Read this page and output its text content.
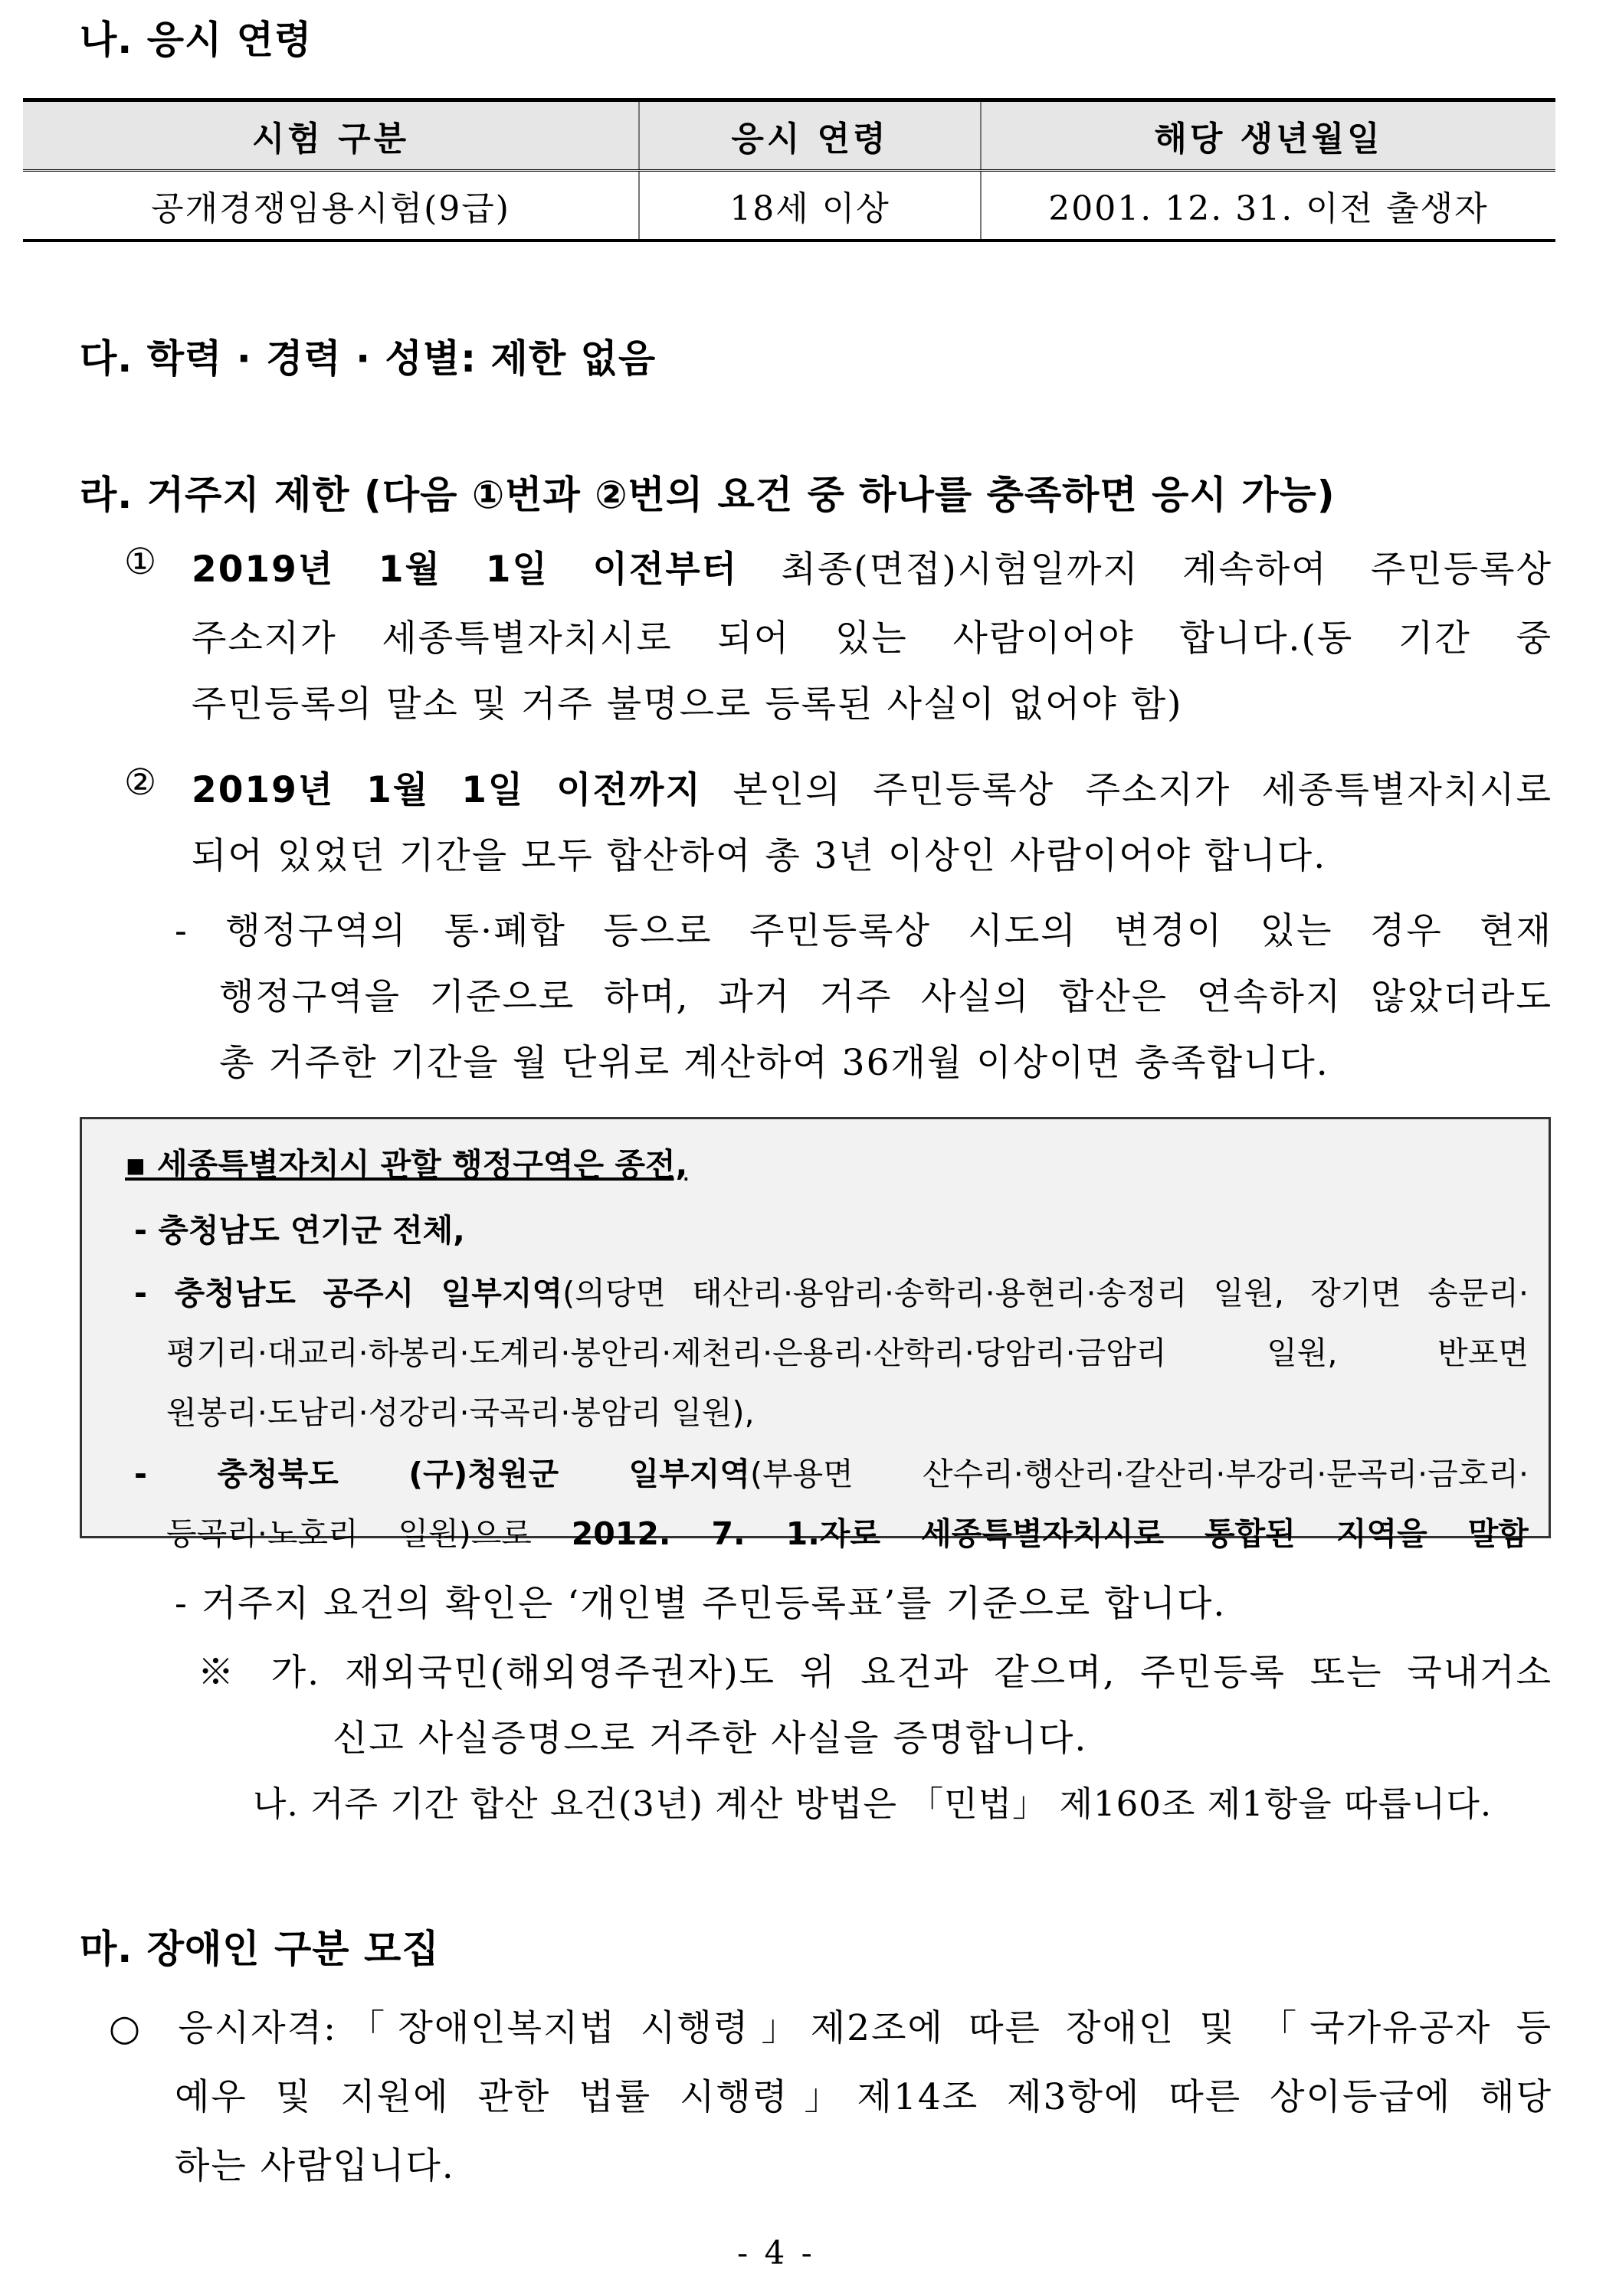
나. 응시 연령
시험 구분	응시 연령	해당 생년월일
공개경쟁임용시험(9급)	18세 이상	2001. 12. 31. 이전 출생자
다. 학력 · 경력 · 성별: 제한 없음
라. 거주지 제한 (다음 ①번과 ②번의 요건 중 하나를 충족하면 응시 가능)
① 2019년 1월 1일 이전부터 최종(면접)시험일까지 계속하여 주민등록상
주소지가 세종특별자치시로 되어 있는 사람이어야 합니다.(동 기간 중
주민등록의 말소 및 거주 불명으로 등록된 사실이 없어야 함)
② 2019년 1월 1일 이전까지 본인의 주민등록상 주소지가 세종특별자치시로
되어 있었던 기간을 모두 합산하여 총 3년 이상인 사람이어야 합니다.
- 행정구역의 통·폐합 등으로 주민등록상 시도의 변경이 있는 경우 현재
행정구역을 기준으로 하며, 과거 거주 사실의 합산은 연속하지 않았더라도
총 거주한 기간을 월 단위로 계산하여 36개월 이상이면 충족합니다.
▪ 세종특별자치시 관할 행정구역은 종전,
- 충청남도 연기군 전체,
- 충청남도 공주시 일부지역(의당면 태산리·용암리·송학리·용현리·송정리 일원, 장기면 송문리·
평기리·대교리·하봉리·도계리·봉안리·제천리·은용리·산학리·당암리·금암리 일원, 반포면
원봉리·도남리·성강리·국곡리·봉암리 일원),
- 충청북도 (구)청원군 일부지역(부용면 산수리·행산리·갈산리·부강리·문곡리·금호리·
등곡리·노호리 일원)으로 2012. 7. 1.자로 세종특별자치시로 통합된 지역을 말함
- 거주지 요건의 확인은 ‘개인별 주민등록표’를 기준으로 합니다.
※ 가. 재외국민(해외영주권자)도 위 요건과 같으며, 주민등록 또는 국내거소
신고 사실증명으로 거주한 사실을 증명합니다.
나. 거주 기간 합산 요건(3년) 계산 방법은 「민법」 제160조 제1항을 따릅니다.
마. 장애인 구분 모집
○ 응시자격:「장애인복지법 시행령」제2조에 따른 장애인 및 「국가유공자 등
예우 및 지원에 관한 법률 시행령」제14조 제3항에 따른 상이등급에 해당
하는 사람입니다.
- 4 -
